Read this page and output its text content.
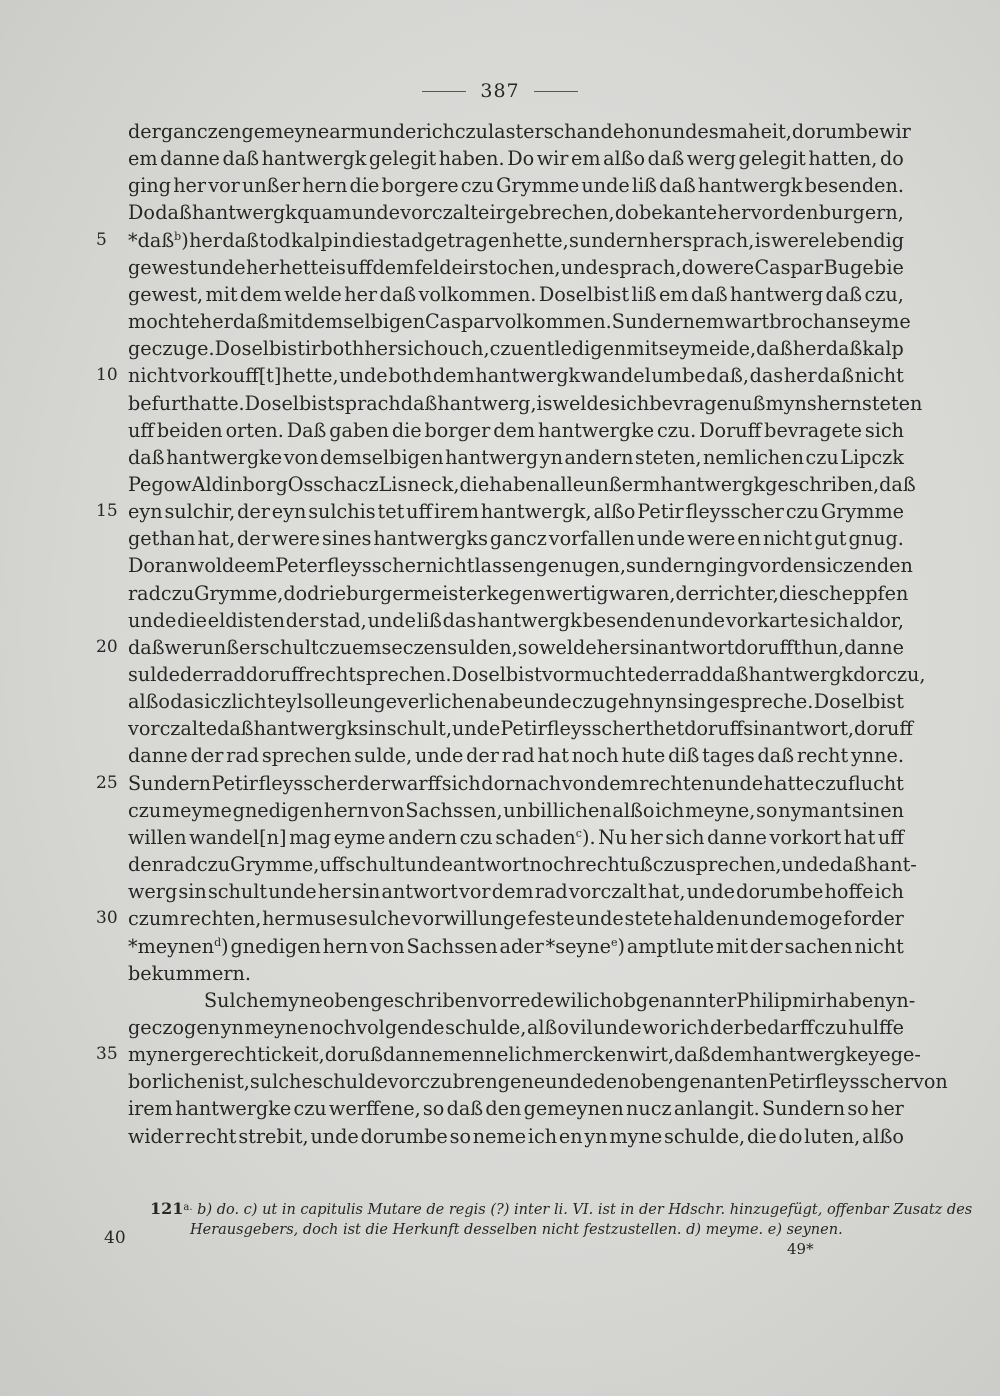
387
der ganczen gemeyne arm unde rich czu laster schande hon unde smaheit, dorumbe wir
em danne daß hantwergk gelegit haben. Do wir em alßo daß werg gelegit hatten, do
ging her vor unßer hern die borgere czu Grymme unde liß daß hantwergk besenden.
Do daß hantwergk quam unde vorczalte ir gebrechen, do bekante her vor den burgern,
5	*daß$^b$) her daß tod kalp in die stad getragen hette, sundern her sprach, is were lebendig
gewest unde her hette is uff dem felde irstochen, unde sprach, do were Caspar Buge bie
gewest, mit dem welde her daß volkommen. Doselbist liß em daß hantwerg daß czu,
mochte her daß mit demselbigen Caspar volkommen. Sundern em wart broch an seyme
geczuge. Doselbist irboth her sich ouch, czu entledigen mit seym eide, daß her daß kalp
10 nicht vorkouff[t] hette, unde both dem hantwergk wandel umbe daß, das her daß nicht
befurt hatte. Doselbist sprach daß hantwerg, is welde sich bevragen uß myns hern steten
uff beiden orten. Daß gaben die borger dem hantwergke czu. Doruff bevragete sich
daß hantwergke von demselbigen hantwerg yn andern steten, nemlichen czu Lipczk
Pegow Aldinborg Osschacz Lisneck, die haben alle unßerm hantwergk geschriben, daß
15 eyn sulchir, der eyn sulchis tet uff irem hantwergk, alßo Petir fleysscher czu Grymme
gethan hat, der were sines hantwergks gancz vorfallen unde were en nicht gut gnug.
Doran wolde em Peter fleysscher nicht lassen genugen, sundern ging vor den siczenden
rad czu Grymme, do drie burgermeister kegenwertig waren, der richter, die scheppfen
unde die eldisten der stad, unde liß das hantwergk besenden unde vorkarte sich aldor,
20 daß wer unßer schult czu em seczen sulden, so welde her sin antwort doruff thun, danne
sulde der rad doruff recht sprechen. Doselbist vormuchte der rad daß hantwergk dorczu,
alßo das iczlich teyl solle ungeverlichen abe unde czu gehn yn sin gespreche. Doselbist
vorczalte daß hantwergk sin schult, unde Petir fleysscher thet doruff sin antwort, doruff
danne der rad sprechen sulde, unde der rad hat noch hute diß tages daß recht ynne.
25 Sundern Petir fleysscher der warff sich dornach von dem rechten unde hatte czuflucht
czu meyme gnedigen hern von Sachssen, unbillichen alßo ich meyne, so nymant sinen
willen wandel[n] mag eyme andern czu schaden$^c$). Nu her sich danne vorkort hat uff
den rad czu Grymme, uff schult unde antwort noch recht ußczusprechen, unde daß hant-
werg sin schult unde her sin antwort vor dem rad vorczalt hat, unde dorumbe hoffe ich
30 czum rechten, her muse sulche vorwillunge feste unde stete halden unde moge forder
*meynen$^d$) gnedigen hern von Sachssen ader *seyne$^e$) amptlute mit der sachen nicht
bekummern.
Sulche myne oben geschriben vorrede wil ich obgenannter Philip mir haben yn-
geczogen yn meyne nochvolgende schulde, alßo vil unde wor ich der bedarff czu hulffe
35 myner gerechtickeit, doruß danne mennelich mercken wirt, daß dem hantwergke ye ge-
borlichen ist, sulche schulde vorczubrengene unde den oben genanten Petir fleysscher von
irem hantwergke czu werffene, so daß den gemeynen nucz anlangit. Sundern so her
wider recht strebit, unde dorumbe so neme ich en yn myne schulde, die do luten, alßo
121$^{a.}$ b) do. c) ut in capitulis Mutare de regis (?) inter li. VI. ist in der Hdschr. hinzugefügt, offenbar Zusatz des
Herausgebers, doch ist die Herkunft desselben nicht festzustellen. d) meyme. e) seynen.
40
49*
